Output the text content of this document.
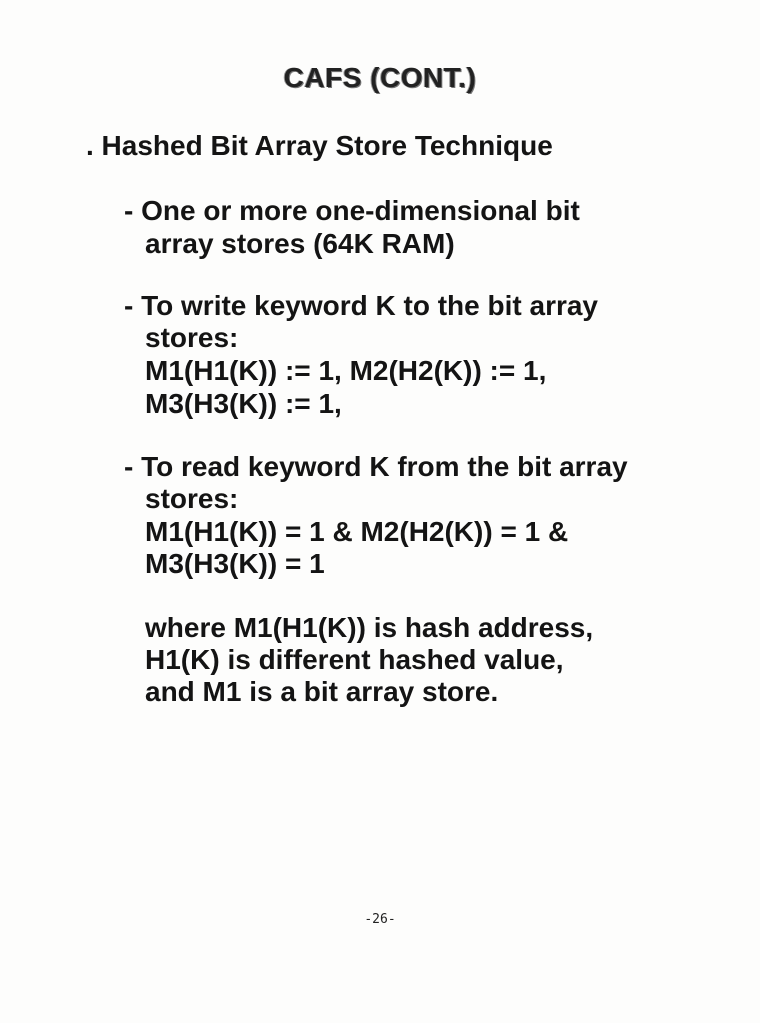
CAFS (CONT.)
. Hashed Bit Array Store Technique
- One or more one-dimensional bit
array stores (64K RAM)
- To write keyword K to the bit array
stores:
M1(H1(K)) := 1, M2(H2(K)) := 1,
M3(H3(K)) := 1,
- To read keyword K from the bit array
stores:
M1(H1(K)) = 1 & M2(H2(K)) = 1 &
M3(H3(K)) = 1
where M1(H1(K)) is hash address,
H1(K) is different hashed value,
and M1 is a bit array store.
-26-
